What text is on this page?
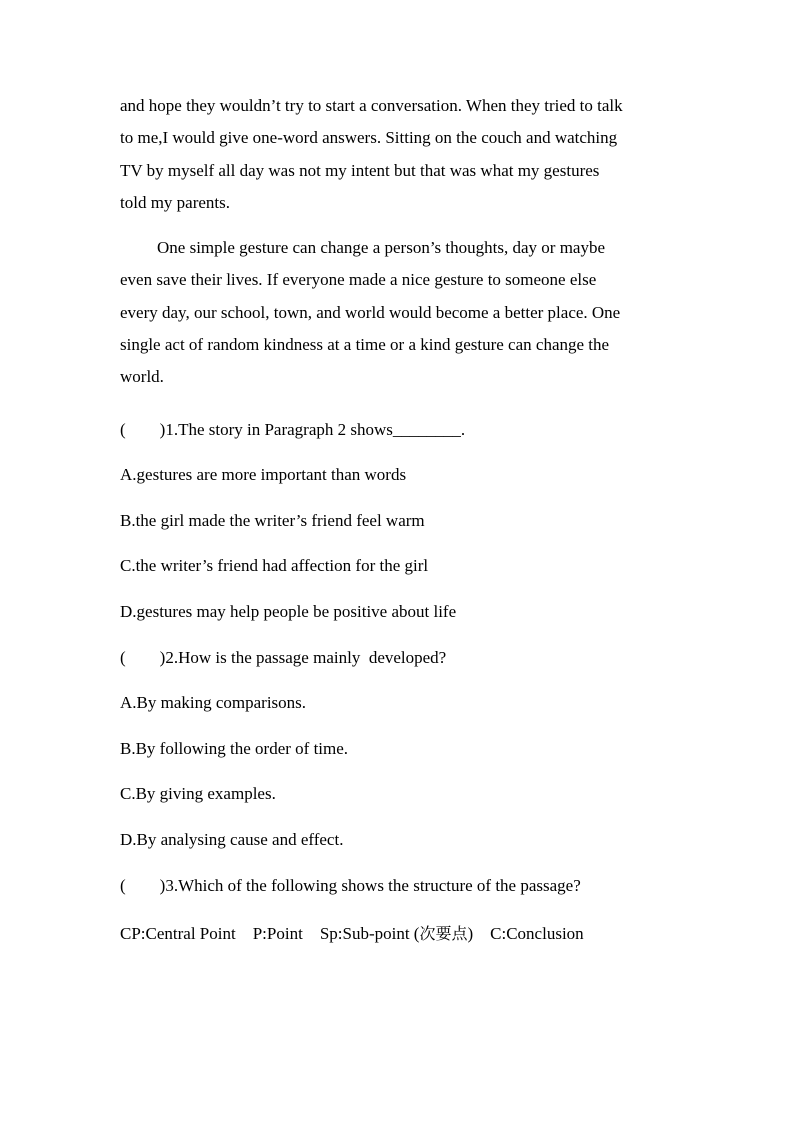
and hope they wouldn’t try to start a conversation. When they tried to talk
to me,I would give one-word answers. Sitting on the couch and watching
TV by myself all day was not my intent but that was what my gestures
told my parents.

One simple gesture can change a person’s thoughts, day or maybe
even save their lives. If everyone made a nice gesture to someone else
every day, our school, town, and world would become a better place. One
single act of random kindness at a time or a kind gesture can change the
world.

(        )1.The story in Paragraph 2 shows________.
A.gestures are more important than words
B.the girl made the writer’s friend feel warm
C.the writer’s friend had affection for the girl
D.gestures may help people be positive about life
(        )2.How is the passage mainly  developed?
A.By making comparisons.
B.By following the order of time.
C.By giving examples.
D.By analysing cause and effect.
(        )3.Which of the following shows the structure of the passage?
CP:Central Point P:Point Sp:Sub-point (次要点) C:Conclusion
